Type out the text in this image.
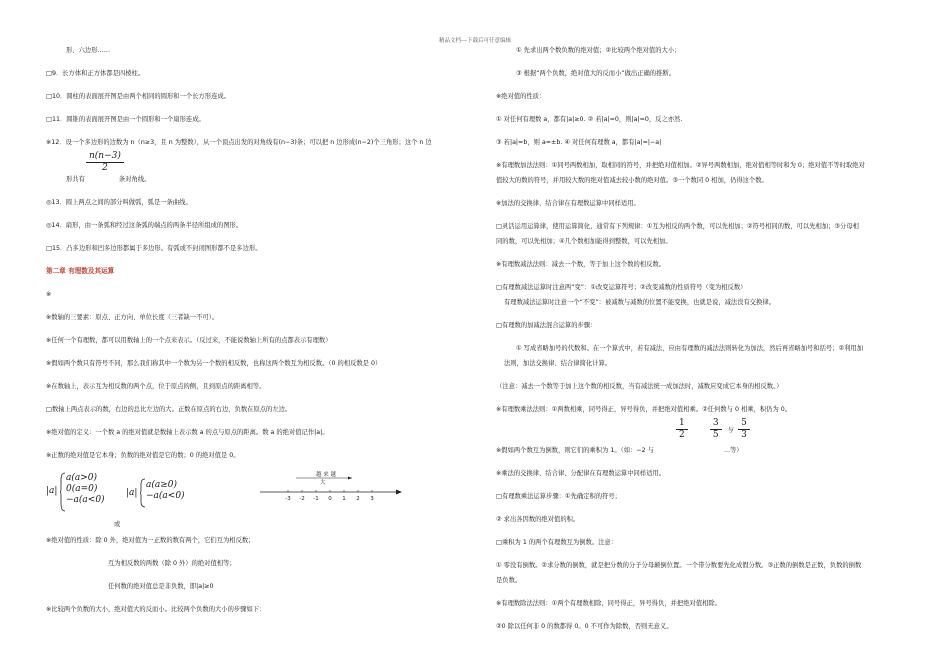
精品文档---下载后可任意编辑
形、六边形……
□9．长方体和正方体都是四棱柱。
□10．圆柱的表面展开图是由两个相同的圆形和一个长方形连成。
□11．圆锥的表面展开图是由一个圆形和一个扇形连成。
※12．设一个多边形的边数为 n（n≥3，且 n 为整数），从一个顶点出发的对角线有(n−3)条；可以把 n 边形成(n−2)个三角形；这个 n 边
$\frac{n(n-3)}{2}$
形共有	条对角线。
◎13．圆上两点之间的部分叫做弧，弧是一条曲线。
◎14．扇形，由一条弧和经过这条弧的端点的两条半径所组成的图形。
□15．凸多边形和凹多边形都属于多边形。有弧或不封闭图形都不是多边形。
第二章 有理数及其运算
※
※数轴的三要素：原点、正方向、单位长度（三者缺一不可）。
※任何一个有理数，都可以用数轴上的一个点来表示。（反过来，不能说数轴上所有的点都表示有理数）
※假如两个数只有符号不同，那么我们称其中一个数为另一个数的相反数，也称这两个数互为相反数。（0 的相反数是 0）
※在数轴上，表示互为相反数的两个点，位于原点的侧，且到原点的距离相等。
□数轴上两点表示的数，右边的总比左边的大。正数在原点的右边，负数在原点的左边。
※绝对值的定义：一个数 a 的绝对值就是数轴上表示数 a 的点与原点的距离。数 a 的绝对值记作|a|。
※正数的绝对值是它本身；负数的绝对值是它的数；0 的绝对值是 0。
|a|
a(a>0)
0(a=0)
−a(a<0)
|a|
a(a≥0)
−a(a<0)
或
越 来 越
大
-3 -2 -1 0 1 2 3
※绝对值的性质：除 0 外，绝对值为一正数的数有两个，它们互为相反数；
互为相反数的两数（除 0 外）的绝对值相等；
任何数的绝对值总是非负数，即|a|≥0
※比较两个负数的大小，绝对值大的反而小。比较两个负数的大小的步骤如下：
① 先求出两个数负数的绝对值；②比较两个绝对值的大小；
③ 根据“两个负数，绝对值大的反而小”做出正确的推断。
※绝对值的性质：
① 对任何有理数 a，都有|a|≥0. ② 若|a|=0，则|a|=0，反之亦然.
③ 若|a|=b，则 a=±b. ④ 对任何有理数 a，都有|a|=|−a|
※有理数加法法则：①同号两数相加，取相同的符号，并把绝对值相加。②异号两数相加，绝对值相等时和为 0；绝对值不等时取绝对
值较大的数的符号，并用较大数的绝对值减去较小数的绝对值。③一个数同 0 相加，仍得这个数。
※加法的交换律、结合律在有理数运算中同样适用。
□灵活运用运算律，使用运算简化，通常有下列规律：①互为相反的两个数，可以先相加；②符号相同的数，可以先相加；③分母相
同的数，可以先相加；④几个数相加能得到整数，可以先相加。
※有理数减法法则：减去一个数，等于加上这个数的相反数。
□有理数减法运算时注意两“变”：①改变运算符号；②改变减数的性质符号（变为相反数）
有理数减法运算时注意一个“不变”：被减数与减数的位置不能变换，也就是说，减法没有交换律。
□有理数的加减法混合运算的步骤：
① 写成省略加号的代数和。在一个算式中，若有减法，应由有理数的减法法则转化为加法，然后再省略加号和括号；②利用加
法则，加法交换律、结合律简化计算。
（注意：减去一个数等于加上这个数的相反数，当有减法统一成加法时，减数应变成它本身的相反数。）
※有理数乘法法则：①两数相乘，同号得正，异号得负，并把绝对值相乘。②任何数与 0 相乘，积仍为 0。
$\frac{1}{2}$
$\frac{3}{5}$ 与 $\frac{5}{3}$
※假如两个数互为倒数，则它们的乘积为 1。（如：−2 与	...等）
※乘法的交换律、结合律、分配律在有理数运算中同样适用。
□有理数乘法运算步骤：①先确定积的符号；
② 求出各因数的绝对值的积。
□乘积为 1 的两个有理数互为倒数。注意：
① 零没有倒数。②求分数的倒数，就是把分数的分子分母颠倒位置。一个带分数要先化成假分数。③正数的倒数是正数，负数的倒数
是负数。
※有理数除法法则：①两个有理数相除，同号得正，异号得负，并把绝对值相除。
②0 除以任何非 0 的数都得 0。0 不可作为除数，否则无意义。
